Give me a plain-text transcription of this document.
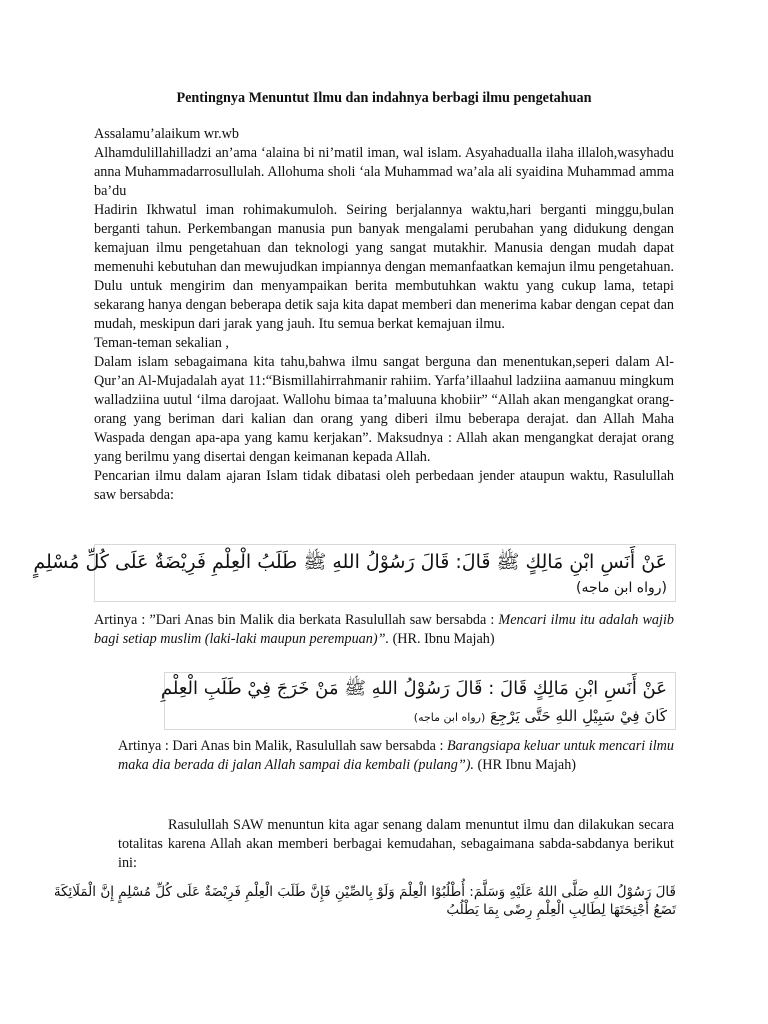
Pentingnya Menuntut Ilmu dan indahnya berbagi ilmu pengetahuan

Assalamu’alaikum wr.wb

Alhamdulillahilladzi an’ama ‘alaina bi ni’matil iman, wal islam. Asyahadualla ilaha illaloh,wasyhadu anna Muhammadarrosullulah. Allohuma sholi ‘ala Muhammad wa’ala ali syaidina Muhammad amma ba’du

Hadirin Ikhwatul iman rohimakumuloh. Seiring berjalannya waktu,hari berganti minggu,bulan berganti tahun. Perkembangan manusia pun banyak mengalami perubahan yang didukung dengan kemajuan ilmu pengetahuan dan teknologi yang sangat mutakhir. Manusia dengan mudah dapat memenuhi kebutuhan dan mewujudkan impiannya dengan memanfaatkan kemajun ilmu pengetahuan. Dulu untuk mengirim dan menyampaikan berita membutuhkan waktu yang cukup lama, tetapi sekarang hanya dengan beberapa detik saja kita dapat memberi dan menerima kabar dengan cepat dan mudah, meskipun dari jarak yang jauh. Itu semua berkat kemajuan ilmu.

Teman-teman sekalian ,

Dalam islam sebagaimana kita tahu,bahwa ilmu sangat berguna dan menentukan,seperi dalam Al-Qur’an Al-Mujadalah ayat 11:“Bismillahirrahmanir rahiim. Yarfa’illaahul ladziina aamanuu mingkum walladziina uutul ‘ilma darojaat. Wallohu bimaa ta’maluuna khobiir” “Allah akan mengangkat orang-orang yang beriman dari kalian dan orang yang diberi ilmu beberapa derajat. dan Allah Maha Waspada dengan apa-apa yang kamu kerjakan”. Maksudnya : Allah akan mengangkat derajat orang yang berilmu yang disertai dengan keimanan kepada Allah.

Pencarian ilmu dalam ajaran Islam tidak dibatasi oleh perbedaan jender ataupun waktu, Rasulullah saw bersabda:

عَنْ أَنَسِ ابْنِ مَالِكٍ ﷺ قَالَ: قَالَ رَسُوْلُ اللهِ ﷺ طَلَبُ الْعِلْمِ فَرِيْضَةٌ عَلَى كُلِّ مُسْلِمٍ
(رواه ابن ماجه)

Artinya : ”Dari Anas bin Malik dia berkata Rasulullah saw bersabda : Mencari ilmu itu adalah wajib bagi setiap muslim (laki-laki maupun perempuan)”. (HR. Ibnu Majah)

عَنْ أَنَسِ ابْنِ مَالِكٍ قَالَ : قَالَ رَسُوْلُ اللهِ ﷺ مَنْ خَرَجَ فِيْ طَلَبِ الْعِلْمِ
كَانَ فِيْ سَبِيْلِ اللهِ حَتَّى يَرْجِعَ (رواه ابن ماجه)

Artinya : Dari Anas bin Malik, Rasulullah saw bersabda : Barangsiapa keluar untuk mencari ilmu maka dia berada di jalan Allah sampai dia kembali (pulang”). (HR Ibnu Majah)

Rasulullah SAW menuntun kita agar senang dalam menuntut ilmu dan dilakukan secara totalitas karena Allah akan memberi berbagai kemudahan, sebagaimana sabda-sabdanya berikut ini:

قَالَ رَسُوْلُ اللهِ صَلَّى اللهُ عَلَيْهِ وَسَلَّمَ: أُطْلُبُوْا الْعِلْمَ وَلَوْ بِالصِّيْنِ فَإِنَّ طَلَبَ الْعِلْمِ فَرِيْضَةٌ عَلَى كُلِّ مُسْلِمٍ إِنَّ الْمَلَائِكَةَ
تَضَعُ أَجْنِحَتَهَا لِطَالِبِ الْعِلْمِ رِضًى بِمَا يَطْلُبُ
